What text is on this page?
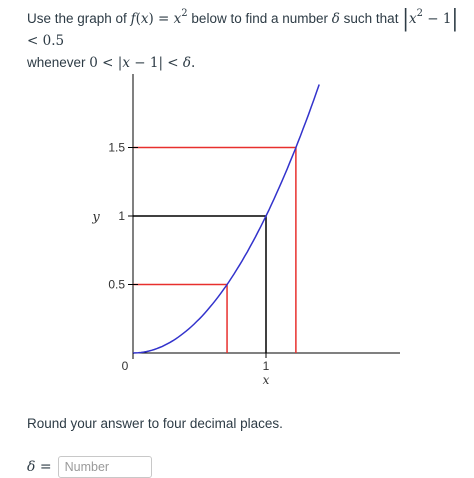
Use the graph of $f(x) = x^2$ below to find a number δ such that $|x^2 - 1| < 0.5$
whenever 0 < |x − 1| < δ.
0.5
1
1.5
1
y
x
0
Round your answer to four decimal places.
δ =
Number
